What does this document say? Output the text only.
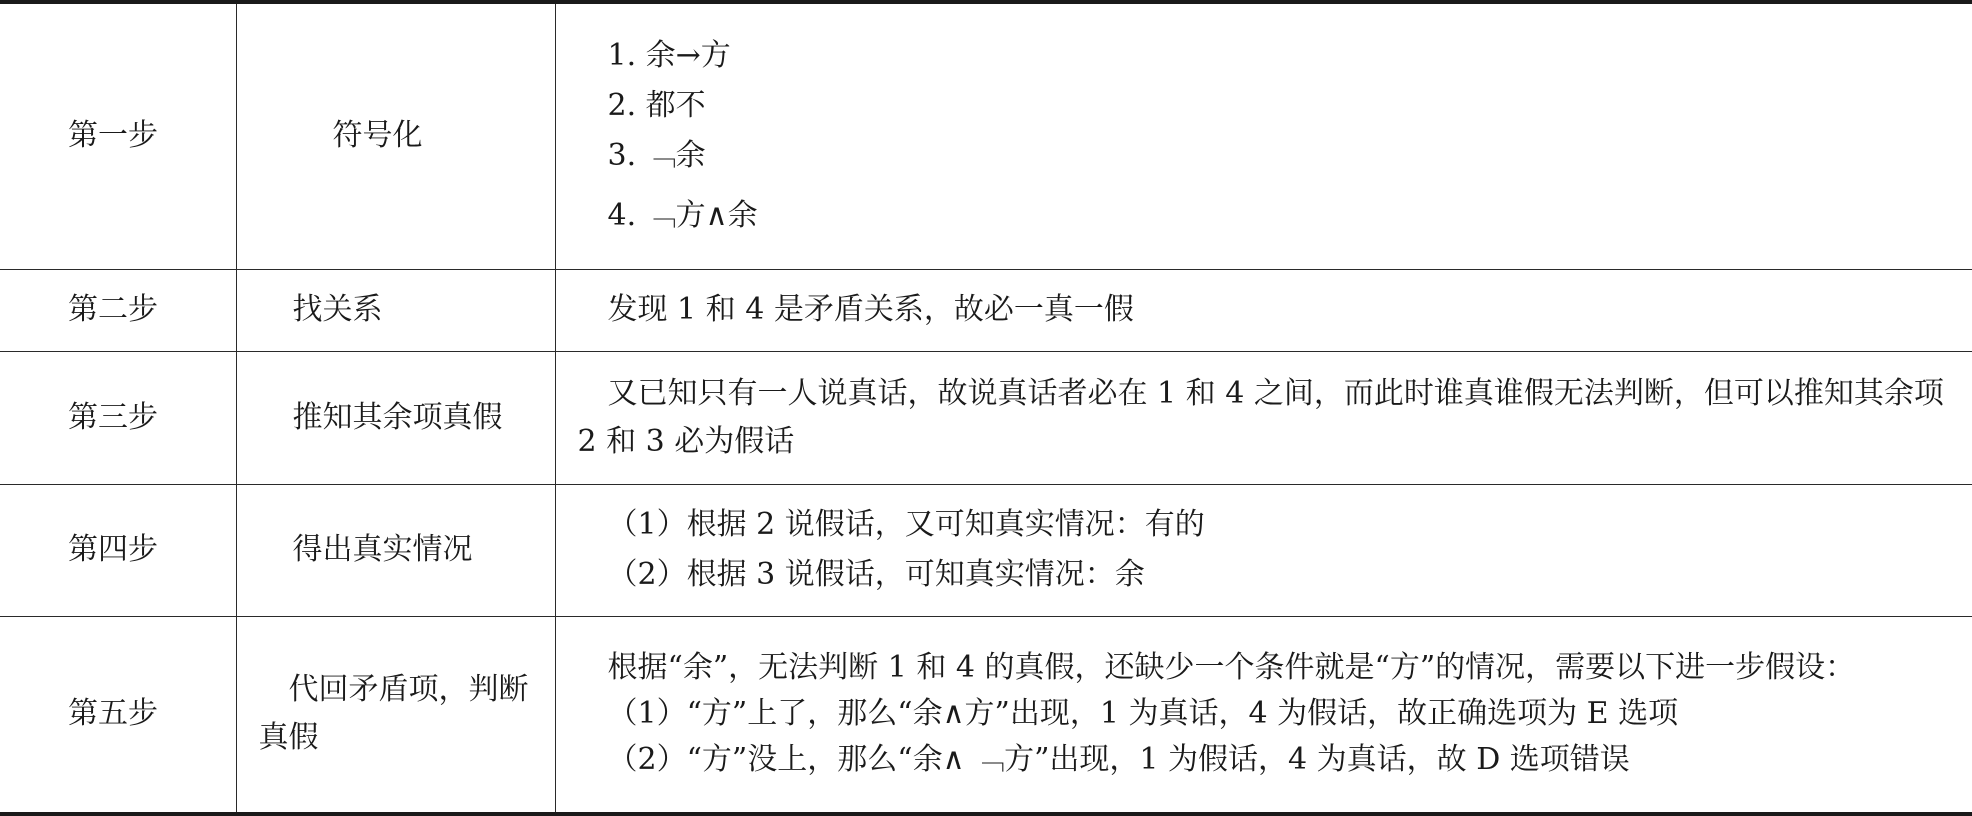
第一步	符号化	1. 余→方
2. 都不
3. ﹁余
4. ﹁方∧余

第二步	找关系	发现 1 和 4 是矛盾关系，故必一真一假

第三步	推知其余项真假	又已知只有一人说真话，故说真话者必在 1 和 4 之间，而此时谁真谁假无法判断，但可以推知其余项 2 和 3 必为假话

第四步	得出真实情况	（1）根据 2 说假话，又可知真实情况：有的
（2）根据 3 说假话，可知真实情况：余

第五步	代回矛盾项，判断真假	根据“余”，无法判断 1 和 4 的真假，还缺少一个条件就是“方”的情况，需要以下进一步假设：
（1）“方”上了，那么“余∧方”出现，1 为真话，4 为假话，故正确选项为 E 选项
（2）“方”没上，那么“余∧ ﹁方”出现，1 为假话，4 为真话，故 D 选项错误
